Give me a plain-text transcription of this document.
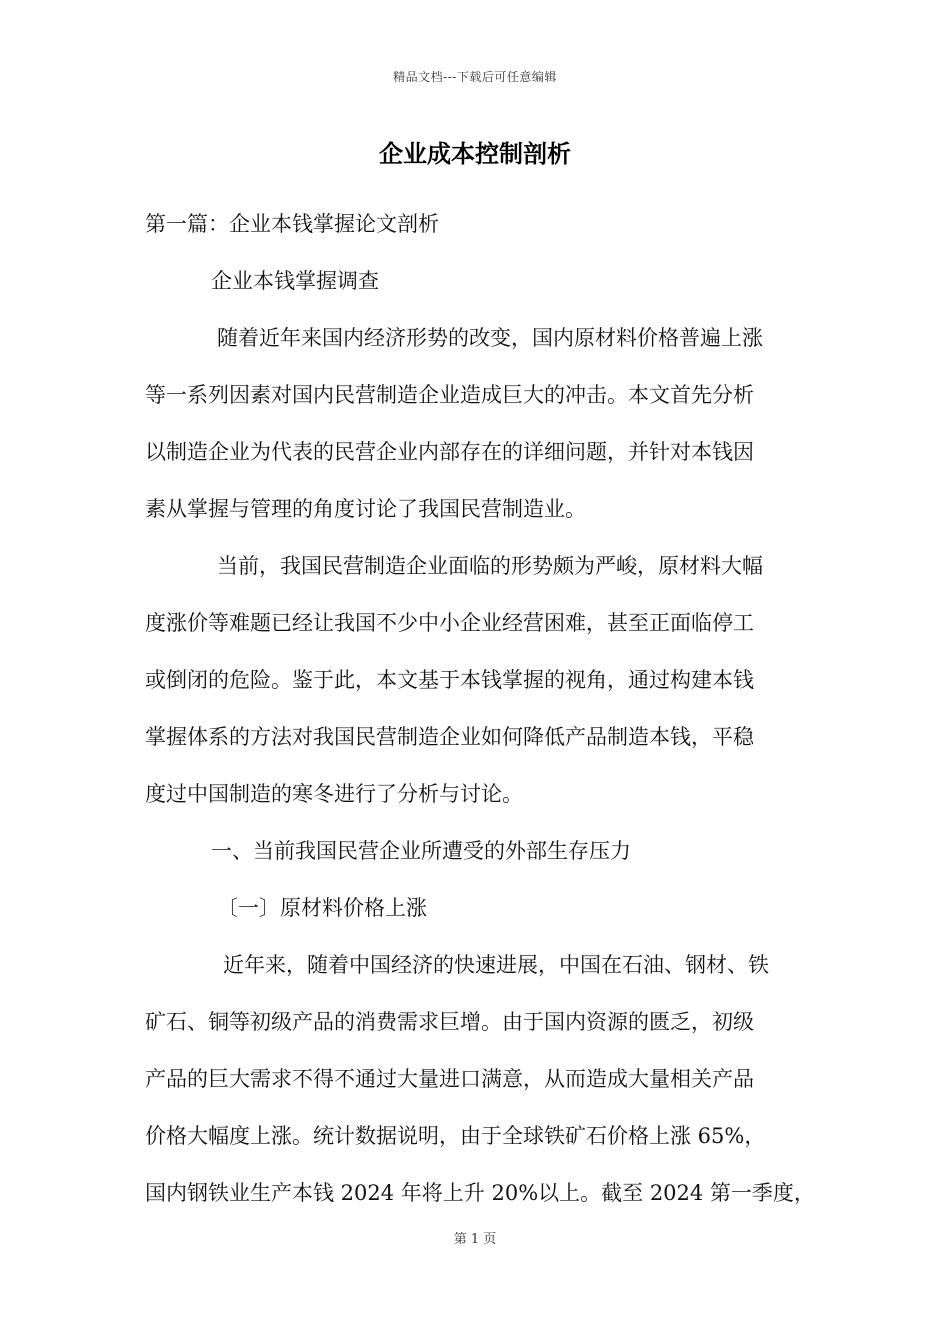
精品文档---下载后可任意编辑
企业成本控制剖析
第一篇：企业本钱掌握论文剖析
企业本钱掌握调查
随着近年来国内经济形势的改变，国内原材料价格普遍上涨
等一系列因素对国内民营制造企业造成巨大的冲击。本文首先分析
以制造企业为代表的民营企业内部存在的详细问题，并针对本钱因
素从掌握与管理的角度讨论了我国民营制造业。
当前，我国民营制造企业面临的形势颇为严峻，原材料大幅
度涨价等难题已经让我国不少中小企业经营困难，甚至正面临停工
或倒闭的危险。鉴于此，本文基于本钱掌握的视角，通过构建本钱
掌握体系的方法对我国民营制造企业如何降低产品制造本钱，平稳
度过中国制造的寒冬进行了分析与讨论。
一、当前我国民营企业所遭受的外部生存压力
〔一〕原材料价格上涨
近年来，随着中国经济的快速进展，中国在石油、钢材、铁
矿石、铜等初级产品的消费需求巨增。由于国内资源的匮乏，初级
产品的巨大需求不得不通过大量进口满意，从而造成大量相关产品
价格大幅度上涨。统计数据说明，由于全球铁矿石价格上涨 65%，
国内钢铁业生产本钱 2024 年将上升 20%以上。截至 2024 第一季度，
第 1 页
